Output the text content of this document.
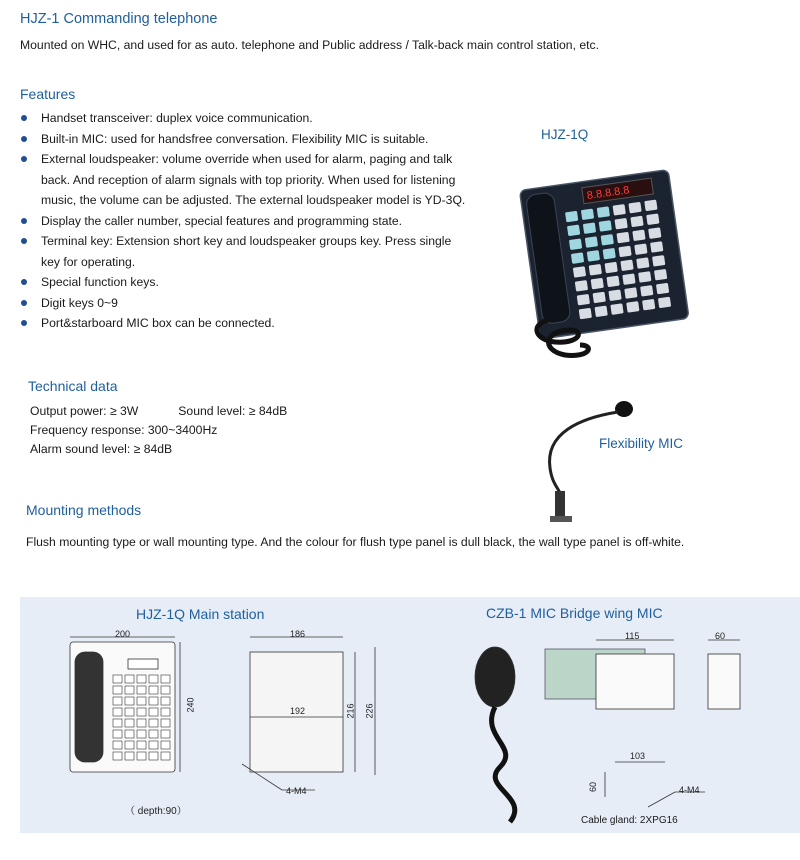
HJZ-1 Commanding telephone
Mounted on WHC, and used for as auto. telephone and Public address / Talk-back main control station, etc.
Features
Handset transceiver: duplex voice communication.
Built-in MIC: used for handsfree conversation. Flexibility MIC is suitable.
External loudspeaker: volume override when used for alarm, paging and talk back. And reception of alarm signals with top priority. When used for listening music, the volume can be adjusted. The external loudspeaker model is YD-3Q.
Display the caller number, special features and programming state.
Terminal key: Extension short key and loudspeaker groups key. Press single key for operating.
Special function keys.
Digit keys 0~9
Port&starboard MIC box can be connected.
HJZ-1Q
8.8.8.8.8
Flexibility MIC
Technical data
Output power: ≥ 3W	Sound level: ≥ 84dB
Frequency response: 300~3400Hz
Alarm sound level: ≥ 84dB
Mounting methods
Flush mounting type or wall mounting type. And the colour for flush type panel is dull black, the wall type panel is off-white.
HJZ-1Q Main station	CZB-1 MIC Bridge wing MIC
200
240
186
192	216 226
4-M4
（ depth:90）
115	60
103
60	4-M4
Cable gland: 2XPG16
